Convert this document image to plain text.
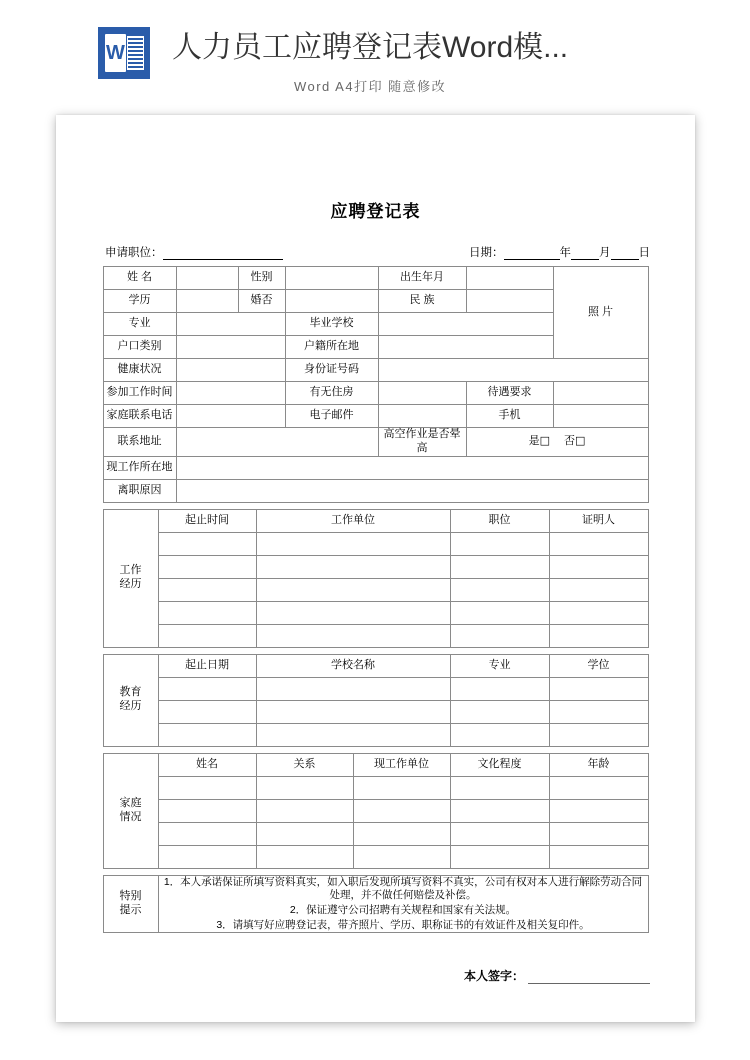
W 人力员工应聘登记表Word模...
Word A4打印 随意修改
应聘登记表
申请职位：	日期：	年 月 日
姓 名		性别		出生年月		照 片
学历		婚否		民 族		
专业			毕业学校			
户口类别			户籍所在地			
健康状况			身份证号码			
参加工作时间			有无住房		待遇要求	
家庭联系电话			电子邮件		手机	
联系地址				高空作业是否晕高	是□ 否□	
现工作所在地						
离职原因						
工作
经历	起止时间	工作单位	职位	证明人

教育
经历	起止日期	学校名称	专业	学位

家庭
情况	姓名	关系	现工作单位	文化程度	年龄

特别
提示

1．本人承诺保证所填写资料真实，如入职后发现所填写资料不真实，公司有权对本人进行解除劳动合同处理，并不做任何赔偿及补偿。

2．保证遵守公司招聘有关规程和国家有关法规。

3．请填写好应聘登记表，带齐照片、学历、职称证书的有效证件及相关复印件。

本人签字：
